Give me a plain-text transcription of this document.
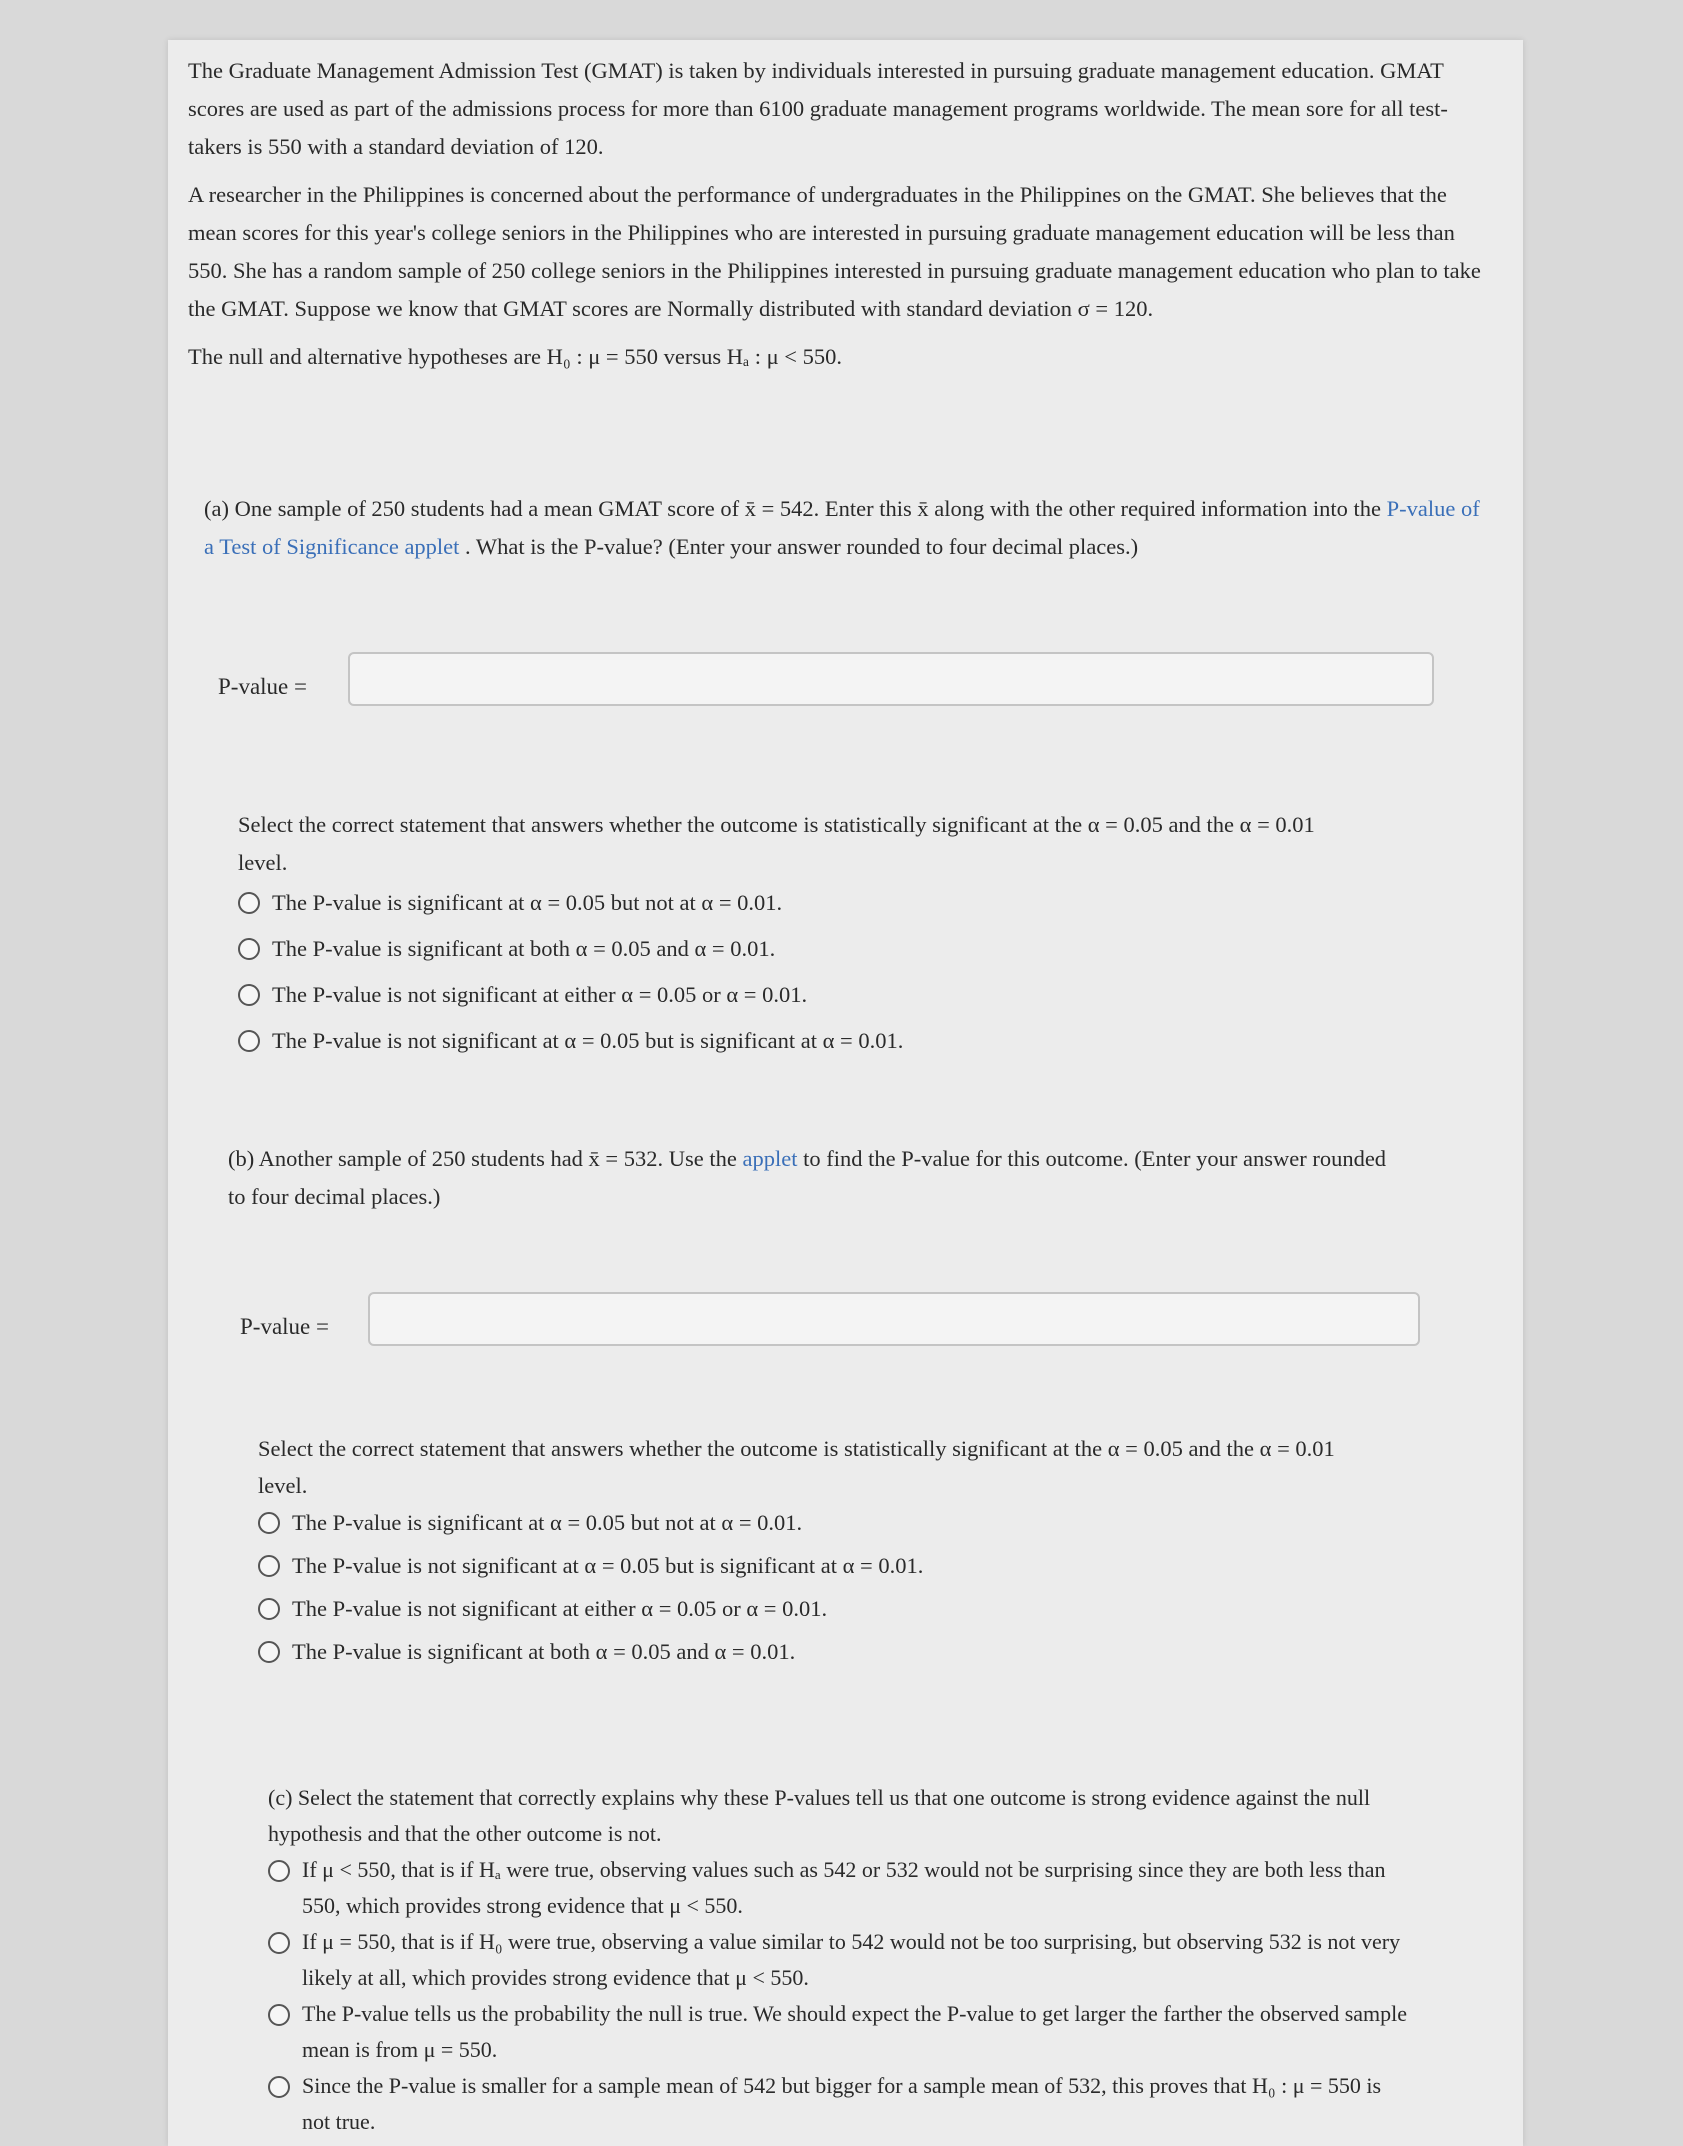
The Graduate Management Admission Test (GMAT) is taken by individuals interested in pursuing graduate management education. GMAT scores are used as part of the admissions process for more than 6100 graduate management programs worldwide. The mean sore for all test-takers is 550 with a standard deviation of 120.

A researcher in the Philippines is concerned about the performance of undergraduates in the Philippines on the GMAT. She believes that the mean scores for this year's college seniors in the Philippines who are interested in pursuing graduate management education will be less than 550. She has a random sample of 250 college seniors in the Philippines interested in pursuing graduate management education who plan to take the GMAT. Suppose we know that GMAT scores are Normally distributed with standard deviation σ = 120.

The null and alternative hypotheses are H₀ : μ = 550 versus Hₐ : μ < 550.

(a) One sample of 250 students had a mean GMAT score of x̄ = 542. Enter this x̄ along with the other required information into the P-value of a Test of Significance applet . What is the P-value? (Enter your answer rounded to four decimal places.)
P-value =
Select the correct statement that answers whether the outcome is statistically significant at the α = 0.05 and the α = 0.01 level.
The P-value is significant at α = 0.05 but not at α = 0.01.
The P-value is significant at both α = 0.05 and α = 0.01.
The P-value is not significant at either α = 0.05 or α = 0.01.
The P-value is not significant at α = 0.05 but is significant at α = 0.01.
(b) Another sample of 250 students had x̄ = 532. Use the applet to find the P-value for this outcome. (Enter your answer rounded to four decimal places.)
P-value =
Select the correct statement that answers whether the outcome is statistically significant at the α = 0.05 and the α = 0.01 level.
The P-value is significant at α = 0.05 but not at α = 0.01.
The P-value is not significant at α = 0.05 but is significant at α = 0.01.
The P-value is not significant at either α = 0.05 or α = 0.01.
The P-value is significant at both α = 0.05 and α = 0.01.
(c) Select the statement that correctly explains why these P-values tell us that one outcome is strong evidence against the null hypothesis and that the other outcome is not.
If μ < 550, that is if Hₐ were true, observing values such as 542 or 532 would not be surprising since they are both less than 550, which provides strong evidence that μ < 550.
If μ = 550, that is if H₀ were true, observing a value similar to 542 would not be too surprising, but observing 532 is not very likely at all, which provides strong evidence that μ < 550.
The P-value tells us the probability the null is true. We should expect the P-value to get larger the farther the observed sample mean is from μ = 550.
Since the P-value is smaller for a sample mean of 542 but bigger for a sample mean of 532, this proves that H₀ : μ = 550 is not true.
